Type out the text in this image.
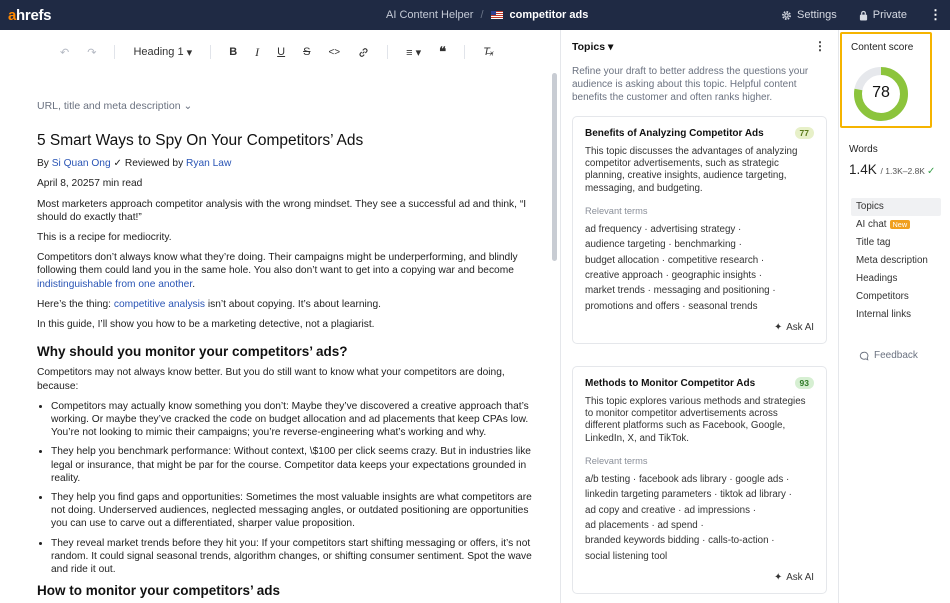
ahrefs	AI Content Helper / competitor ads	Settings	Private ⋮
↶ ↷	Heading 1
▾	B I U S <>	≡ ▾ ❝	T̶ₓ
URL, title and meta description ⌄
5 Smart Ways to Spy On Your Competitors’ Ads

By Si Quan Ong ✓ Reviewed by Ryan Law

April 8, 20257 min read

Most marketers approach competitor analysis with the wrong mindset. They see a successful ad and think, “I should do exactly that!”

This is a recipe for mediocrity.

Competitors don’t always know what they’re doing. Their campaigns might be underperforming, and blindly following them could land you in the same hole. You also don’t want to get into a copying war and become indistinguishable from one another.

Here’s the thing: competitive analysis isn’t about copying. It’s about learning.

In this guide, I’ll show you how to be a marketing detective, not a plagiarist.

Why should you monitor your competitors’ ads?

Competitors may not always know better. But you do still want to know what your competitors are doing, because:

• Competitors may actually know something you don’t: Maybe they’ve discovered a creative approach that’s working. Or maybe they’ve cracked the code on budget allocation and ad placements that keep CPAs low. You’re not looking to mimic their campaigns; you’re reverse-engineering what’s working and why.
• They help you benchmark performance: Without context, \$100 per click seems crazy. But in industries like legal or insurance, that might be par for the course. Competitor data keeps your expectations grounded in reality.
• They help you find gaps and opportunities: Sometimes the most valuable insights are what competitors are not doing. Underserved audiences, neglected messaging angles, or outdated positioning are opportunities you can use to carve out a differentiated, sharper value proposition.
• They reveal market trends before they hit you: If your competitors start shifting messaging or offers, it’s not random. It could signal seasonal trends, algorithm changes, or shifting consumer sentiment. Spot the wave and ride it out.
How to monitor your competitors’ ads
Topics ▾	⋮
Refine your draft to better address the questions your audience is asking about this topic. Helpful content benefits the customer and often ranks higher.
Benefits of Analyzing Competitor Ads	77
This topic discusses the advantages of analyzing competitor advertisements, such as strategic planning, creative insights, audience targeting, messaging, and budgeting.
Relevant terms
ad frequency · advertising strategy ·
audience targeting · benchmarking ·
budget allocation · competitive research ·
creative approach · geographic insights ·
market trends · messaging and positioning ·
promotions and offers · seasonal trends
✦ Ask AI
Methods to Monitor Competitor Ads	93
This topic explores various methods and strategies to monitor competitor advertisements across different platforms such as Facebook, Google, LinkedIn, X, and TikTok.
Relevant terms
a/b testing · facebook ads library · google ads ·
linkedin targeting parameters · tiktok ad library ·
ad copy and creative · ad impressions ·
ad placements · ad spend ·
branded keywords bidding · calls-to-action ·
social listening tool
✦ Ask AI
Content score
78
Words
1.4K / 1.3K–2.8K ✓
Topics
AI chat New
Title tag
Meta description
Headings
Competitors
Internal links
Feedback
